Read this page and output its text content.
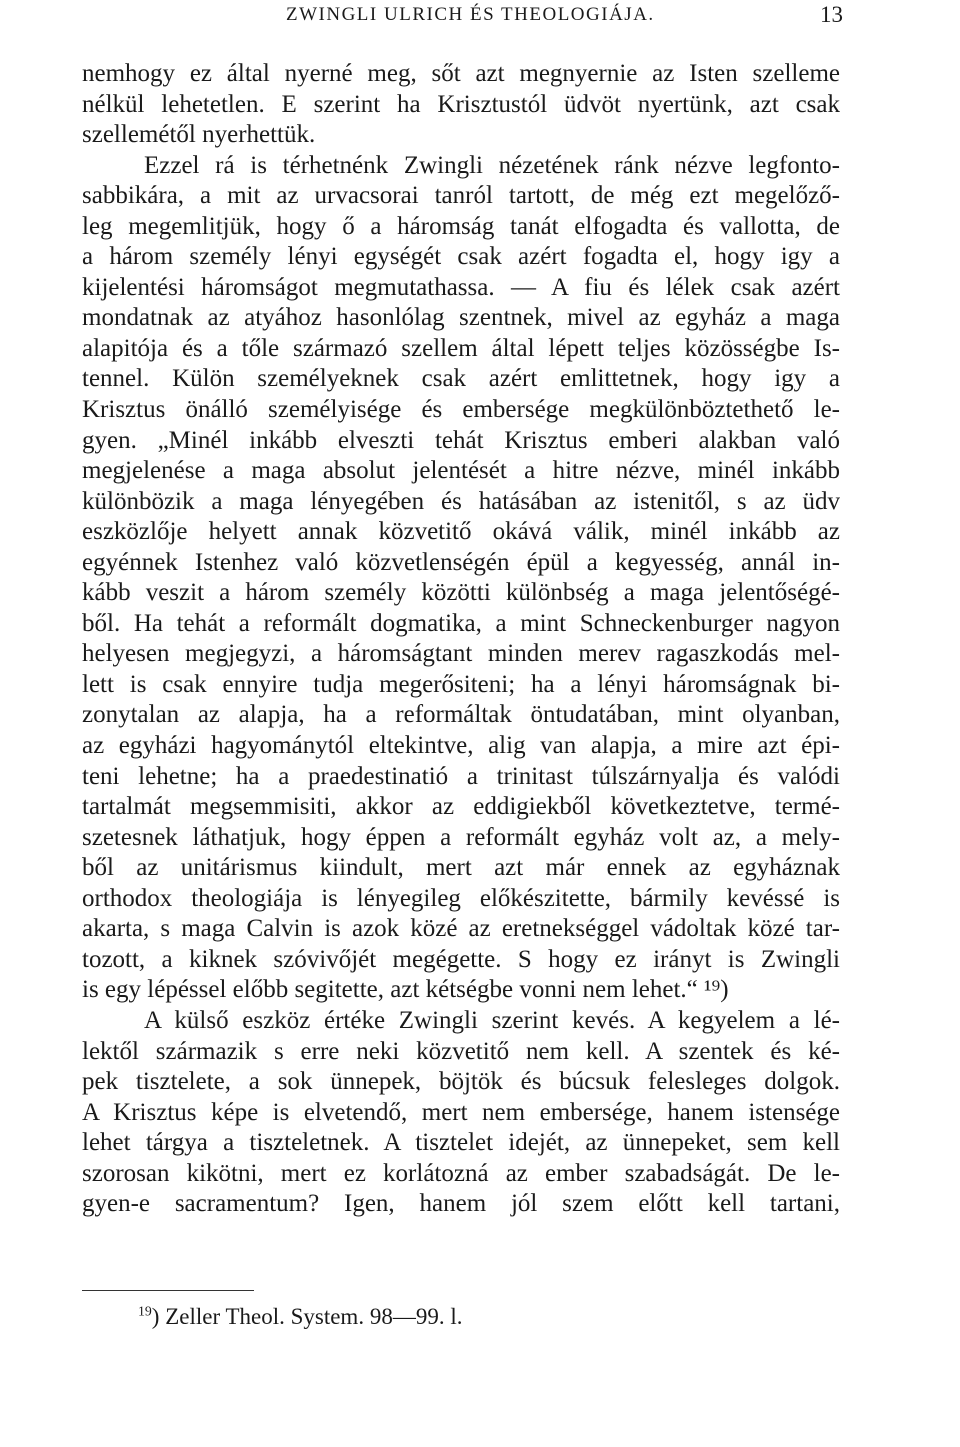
ZWINGLI ULRICH ÉS THEOLOGIÁJA.	13
nemhogy ez által nyerné meg, sőt azt megnyernie az Isten szelleme
nélkül lehetetlen. E szerint ha Krisztustól üdvöt nyertünk, azt csak
szellemétől nyerhettük.
Ezzel rá is térhetnénk Zwingli nézetének ránk nézve legfonto-
sabbikára, a mit az urvacsorai tanról tartott, de még ezt megelőző-
leg megemlitjük, hogy ő a háromság tanát elfogadta és vallotta, de
a három személy lényi egységét csak azért fogadta el, hogy igy a
kijelentési háromságot megmutathassa. — A fiu és lélek csak azért
mondatnak az atyához hasonlólag szentnek, mivel az egyház a maga
alapitója és a tőle származó szellem által lépett teljes közösségbe Is-
tennel. Külön személyeknek csak azért emlittetnek, hogy igy a
Krisztus önálló személyisége és embersége megkülönböztethető le-
gyen. „Minél inkább elveszti tehát Krisztus emberi alakban való
megjelenése a maga absolut jelentését a hitre nézve, minél inkább
különbözik a maga lényegében és hatásában az istenitől, s az üdv
eszközlője helyett annak közvetitő okává válik, minél inkább az
egyénnek Istenhez való közvetlenségén épül a kegyesség, annál in-
kább veszit a három személy közötti különbség a maga jelentőségé-
ből. Ha tehát a reformált dogmatika, a mint Schneckenburger nagyon
helyesen megjegyzi, a háromságtant minden merev ragaszkodás mel-
lett is csak ennyire tudja megerősiteni; ha a lényi háromságnak bi-
zonytalan az alapja, ha a reformáltak öntudatában, mint olyanban,
az egyházi hagyománytól eltekintve, alig van alapja, a mire azt épi-
teni lehetne; ha a praedestinatió a trinitast túlszárnyalja és valódi
tartalmát megsemmisiti, akkor az eddigiekből következtetve, termé-
szetesnek láthatjuk, hogy éppen a reformált egyház volt az, a mely-
ből az unitárismus kiindult, mert azt már ennek az egyháznak
orthodox theologiája is lényegileg előkészitette, bármily kevéssé is
akarta, s maga Calvin is azok közé az eretnekséggel vádoltak közé tar-
tozott, a kiknek szóvivőjét megégette. S hogy ez irányt is Zwingli
is egy lépéssel előbb segitette, azt kétségbe vonni nem lehet.“ ¹⁹)
A külső eszköz értéke Zwingli szerint kevés. A kegyelem a lé-
lektől származik s erre neki közvetitő nem kell. A szentek és ké-
pek tisztelete, a sok ünnepek, böjtök és búcsuk felesleges dolgok.
A Krisztus képe is elvetendő, mert nem embersége, hanem istensége
lehet tárgya a tiszteletnek. A tisztelet idejét, az ünnepeket, sem kell
szorosan kikötni, mert ez korlátozná az ember szabadságát. De le-
gyen-e sacramentum? Igen, hanem jól szem előtt kell tartani,
$^{19}$) Zeller Theol. System. 98—99. l.
